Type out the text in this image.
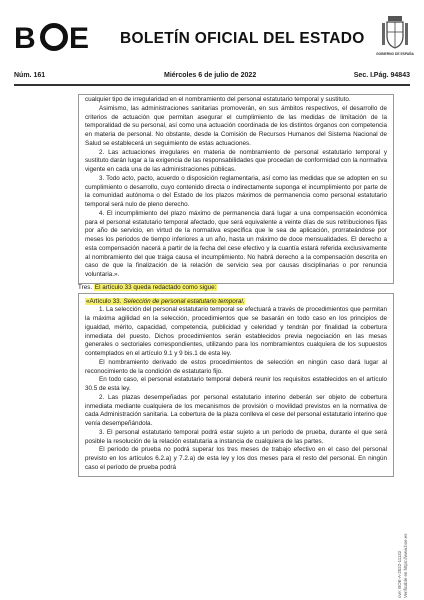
B E BOLETÍN OFICIAL DEL ESTADO
GOBIERNO DE ESPAÑA
Núm. 161	Miércoles 6 de julio de 2022	Sec. I. Pág. 94843

cualquier tipo de irregularidad en el nombramiento del personal estatutario temporal y sustituto.

Asimismo, las administraciones sanitarias promoverán, en sus ámbitos respectivos, el desarrollo de criterios de actuación que permitan asegurar el cumplimiento de las medidas de limitación de la temporalidad de su personal, así como una actuación coordinada de los distintos órganos con competencia en materia de personal. No obstante, desde la Comisión de Recursos Humanos del Sistema Nacional de Salud se establecerá un seguimiento de estas actuaciones.

2. Las actuaciones irregulares en materia de nombramiento de personal estatutario temporal y sustituto darán lugar a la exigencia de las responsabilidades que procedan de conformidad con la normativa vigente en cada una de las administraciones públicas.

3. Todo acto, pacto, acuerdo o disposición reglamentaria, así como las medidas que se adopten en su cumplimiento o desarrollo, cuyo contenido directa o indirectamente suponga el incumplimiento por parte de la comunidad autónoma o del Estado de los plazos máximos de permanencia como personal estatutario temporal será nulo de pleno derecho.

4. El incumplimiento del plazo máximo de permanencia dará lugar a una compensación económica para el personal estatutario temporal afectado, que será equivalente a veinte días de sus retribuciones fijas por año de servicio, en virtud de la normativa específica que le sea de aplicación, prorrateándose por meses los periodos de tiempo inferiores a un año, hasta un máximo de doce mensualidades. El derecho a esta compensación nacerá a partir de la fecha del cese efectivo y la cuantía estará referida exclusivamente al nombramiento del que traiga causa el incumplimiento. No habrá derecho a la compensación descrita en caso de que la finalización de la relación de servicio sea por causas disciplinarias o por renuncia voluntaria.».

Tres. El artículo 33 queda redactado como sigue:

«Artículo 33. Selección de personal estatutario temporal.

1. La selección del personal estatutario temporal se efectuará a través de procedimientos que permitan la máxima agilidad en la selección, procedimientos que se basarán en todo caso en los principios de igualdad, mérito, capacidad, competencia, publicidad y celeridad y tendrán por finalidad la cobertura inmediata del puesto. Dichos procedimientos serán establecidos previa negociación en las mesas generales o sectoriales correspondientes, utilizando para los nombramientos cualquiera de los supuestos contemplados en el artículo 9.1 y 9 bis.1 de esta ley.

El nombramiento derivado de estos procedimientos de selección en ningún caso dará lugar al reconocimiento de la condición de estatutario fijo.

En todo caso, el personal estatutario temporal deberá reunir los requisitos establecidos en el artículo 30.5 de esta ley.

2. Las plazas desempeñadas por personal estatutario interino deberán ser objeto de cobertura inmediata mediante cualquiera de los mecanismos de provisión o movilidad previstos en la normativa de cada Administración sanitaria. La cobertura de la plaza conlleva el cese del personal estatutario interino que venía desempeñándola.

3. El personal estatutario temporal podrá estar sujeto a un período de prueba, durante el que será posible la resolución de la relación estatutaria a instancia de cualquiera de las partes.

El período de prueba no podrá superar los tres meses de trabajo efectivo en el caso del personal previsto en los artículos 6.2.a) y 7.2.a) de esta ley y los dos meses para el resto del personal. En ningún caso el período de prueba podrá

cve: BOE-A-2022-11132 Verificable en https://www.boe.es
